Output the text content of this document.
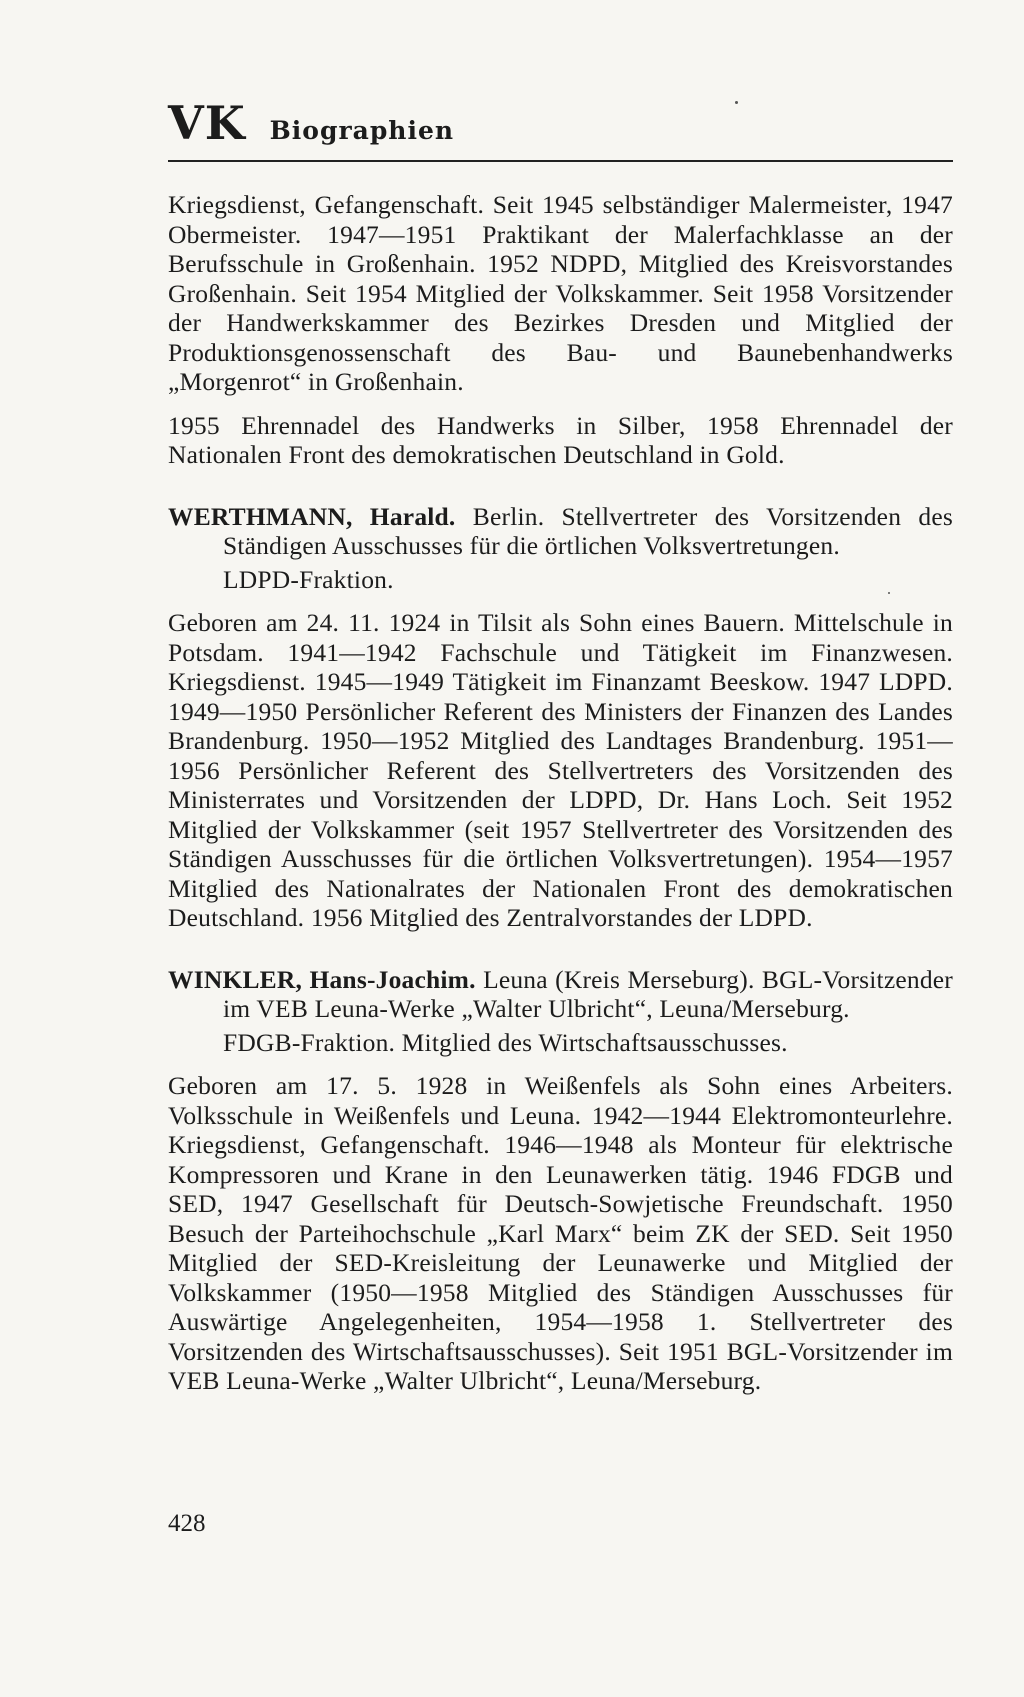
VK Biographien

Kriegsdienst, Gefangenschaft. Seit 1945 selbständiger Malermeister, 1947 Obermeister. 1947—1951 Praktikant der Malerfachklasse an der Berufsschule in Großenhain. 1952 NDPD, Mitglied des Kreisvorstandes Großenhain. Seit 1954 Mitglied der Volkskammer. Seit 1958 Vorsitzender der Handwerkskammer des Bezirkes Dresden und Mitglied der Produktionsgenossenschaft des Bau- und Baunebenhandwerks „Morgenrot“ in Großenhain.

1955 Ehrennadel des Handwerks in Silber, 1958 Ehrennadel der Nationalen Front des demokratischen Deutschland in Gold.

WERTHMANN, Harald. Berlin. Stellvertreter des Vorsitzenden des Ständigen Ausschusses für die örtlichen Volksvertretungen.

LDPD-Fraktion.

Geboren am 24. 11. 1924 in Tilsit als Sohn eines Bauern. Mittelschule in Potsdam. 1941—1942 Fachschule und Tätigkeit im Finanzwesen. Kriegsdienst. 1945—1949 Tätigkeit im Finanzamt Beeskow. 1947 LDPD. 1949—1950 Persönlicher Referent des Ministers der Finanzen des Landes Brandenburg. 1950—1952 Mitglied des Landtages Brandenburg. 1951—1956 Persönlicher Referent des Stellvertreters des Vorsitzenden des Ministerrates und Vorsitzenden der LDPD, Dr. Hans Loch. Seit 1952 Mitglied der Volkskammer (seit 1957 Stellvertreter des Vorsitzenden des Ständigen Ausschusses für die örtlichen Volksvertretungen). 1954—1957 Mitglied des Nationalrates der Nationalen Front des demokratischen Deutschland. 1956 Mitglied des Zentralvorstandes der LDPD.

WINKLER, Hans-Joachim. Leuna (Kreis Merseburg). BGL-Vorsitzender im VEB Leuna-Werke „Walter Ulbricht“, Leuna/Merseburg.

FDGB-Fraktion. Mitglied des Wirtschaftsausschusses.

Geboren am 17. 5. 1928 in Weißenfels als Sohn eines Arbeiters. Volksschule in Weißenfels und Leuna. 1942—1944 Elektromonteurlehre. Kriegsdienst, Gefangenschaft. 1946—1948 als Monteur für elektrische Kompressoren und Krane in den Leunawerken tätig. 1946 FDGB und SED, 1947 Gesellschaft für Deutsch-Sowjetische Freundschaft. 1950 Besuch der Parteihochschule „Karl Marx“ beim ZK der SED. Seit 1950 Mitglied der SED-Kreisleitung der Leunawerke und Mitglied der Volkskammer (1950—1958 Mitglied des Ständigen Ausschusses für Auswärtige Angelegenheiten, 1954—1958 1. Stellvertreter des Vorsitzenden des Wirtschaftsausschusses). Seit 1951 BGL-Vorsitzender im VEB Leuna-Werke „Walter Ulbricht“, Leuna/Merseburg.

428
